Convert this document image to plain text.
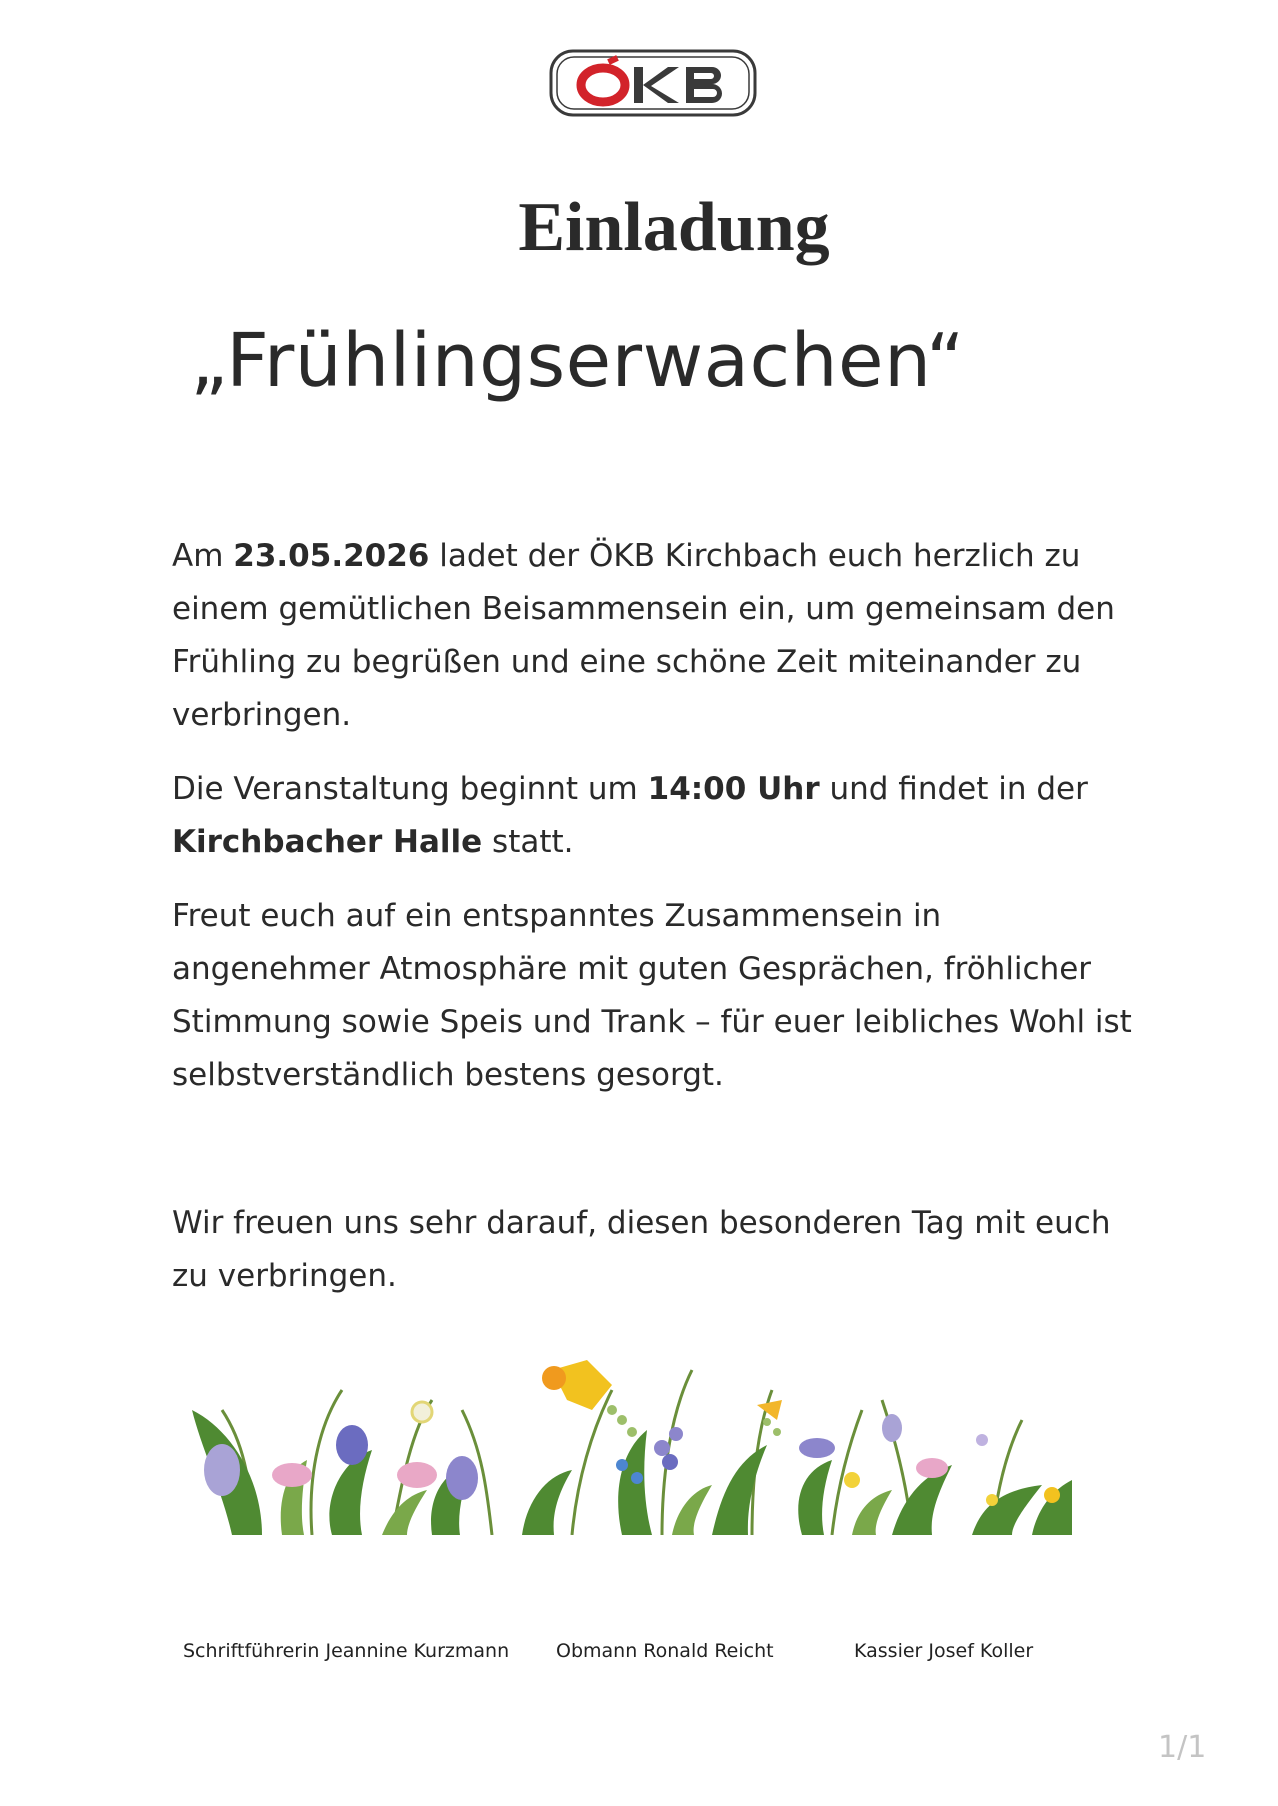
Einladung
„Frühlingserwachen“

Am 23.05.2026 ladet der ÖKB Kirchbach euch herzlich zu einem gemütlichen Beisammensein ein, um gemeinsam den Frühling zu begrüßen und eine schöne Zeit miteinander zu verbringen.

Die Veranstaltung beginnt um 14:00 Uhr und findet in der Kirchbacher Halle statt.

Freut euch auf ein entspanntes Zusammensein in angenehmer Atmosphäre mit guten Gesprächen, fröhlicher Stimmung sowie Speis und Trank – für euer leibliches Wohl ist selbstverständlich bestens gesorgt.

Wir freuen uns sehr darauf, diesen besonderen Tag mit euch zu verbringen.

Schriftführerin Jeannine Kurzmann Obmann Ronald Reicht	Kassier Josef Koller

1/1
